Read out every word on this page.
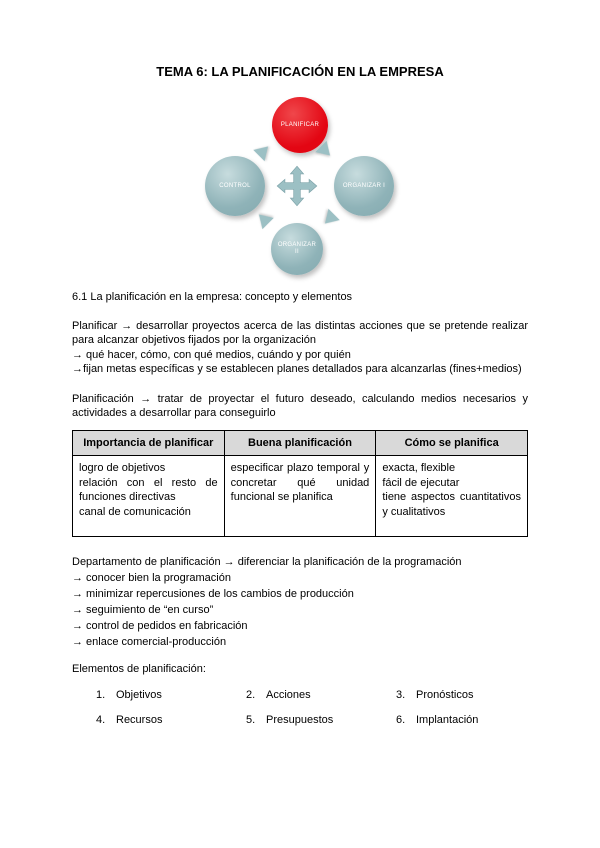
TEMA 6: LA PLANIFICACIÓN EN LA EMPRESA
PLANIFICAR
CONTROL	ORGANIZAR I
ORGANIZAR II
6.1 La planificación en la empresa: concepto y elementos
Planificar → desarrollar proyectos acerca de las distintas acciones que se pretende realizar para alcanzar objetivos fijados por la organización
→ qué hacer, cómo, con qué medios, cuándo y por quién
→fijan metas específicas y se establecen planes detallados para alcanzarlas (fines+medios)
Planificación → tratar de proyectar el futuro deseado, calculando medios necesarios y actividades a desarrollar para conseguirlo
Importancia de planificar	Buena planificación	Cómo se planifica

logro de objetivos
relación con el resto de funciones directivas
canal de comunicación

especificar plazo temporal y concretar qué unidad funcional se planifica

exacta, flexible
fácil de ejecutar
tiene aspectos cuantitativos y cualitativos
Departamento de planificación → diferenciar la planificación de la programación
→ conocer bien la programación
→ minimizar repercusiones de los cambios de producción
→ seguimiento de “en curso”
→ control de pedidos en fabricación
→ enlace comercial-producción
Elementos de planificación:
1. Objetivos	2. Acciones	3. Pronósticos
4. Recursos	5. Presupuestos	6. Implantación
